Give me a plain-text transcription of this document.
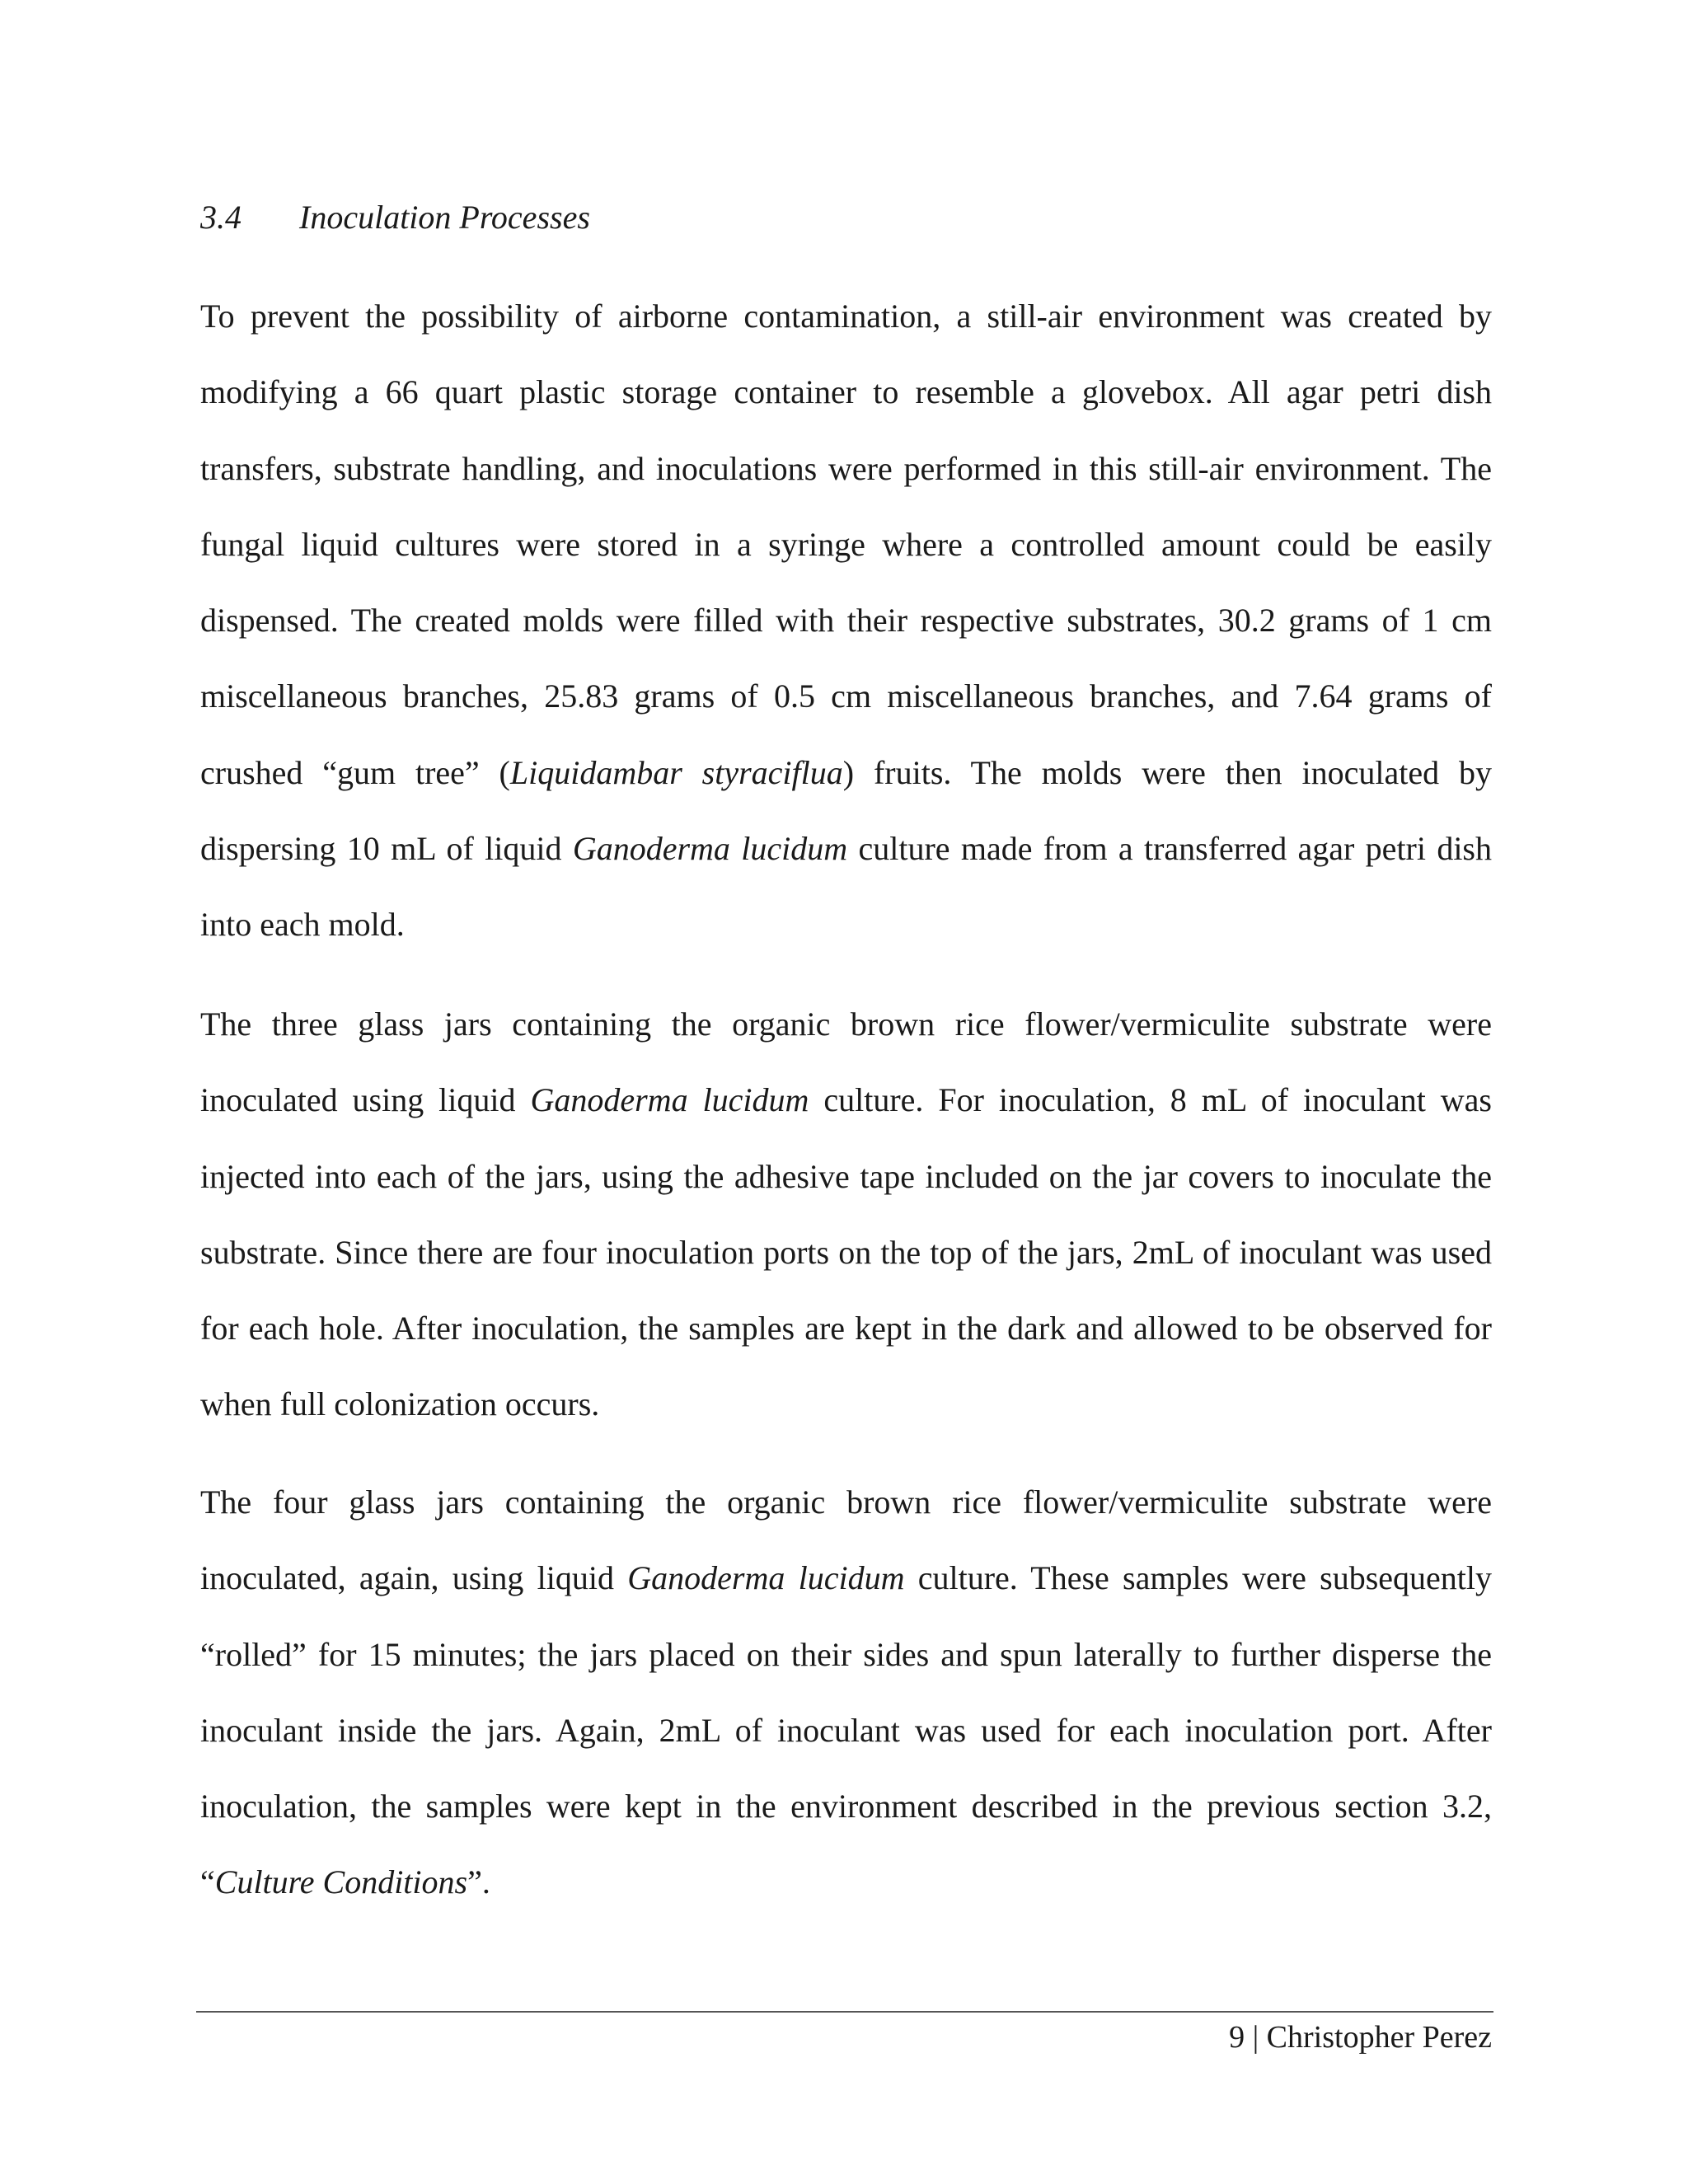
3.4 Inoculation Processes

To prevent the possibility of airborne contamination, a still-air environment was created by modifying a 66 quart plastic storage container to resemble a glovebox. All agar petri dish transfers, substrate handling, and inoculations were performed in this still-air environment. The fungal liquid cultures were stored in a syringe where a controlled amount could be easily dispensed. The created molds were filled with their respective substrates, 30.2 grams of 1 cm miscellaneous branches, 25.83 grams of 0.5 cm miscellaneous branches, and 7.64 grams of crushed “gum tree” (Liquidambar styraciflua) fruits. The molds were then inoculated by dispersing 10 mL of liquid Ganoderma lucidum culture made from a transferred agar petri dish into each mold.

The three glass jars containing the organic brown rice flower/vermiculite substrate were inoculated using liquid Ganoderma lucidum culture. For inoculation, 8 mL of inoculant was injected into each of the jars, using the adhesive tape included on the jar covers to inoculate the substrate. Since there are four inoculation ports on the top of the jars, 2mL of inoculant was used for each hole. After inoculation, the samples are kept in the dark and allowed to be observed for when full colonization occurs.

The four glass jars containing the organic brown rice flower/vermiculite substrate were inoculated, again, using liquid Ganoderma lucidum culture. These samples were subsequently “rolled” for 15 minutes; the jars placed on their sides and spun laterally to further disperse the inoculant inside the jars. Again, 2mL of inoculant was used for each inoculation port. After inoculation, the samples were kept in the environment described in the previous section 3.2, “Culture Conditions”.

9 | Christopher Perez
